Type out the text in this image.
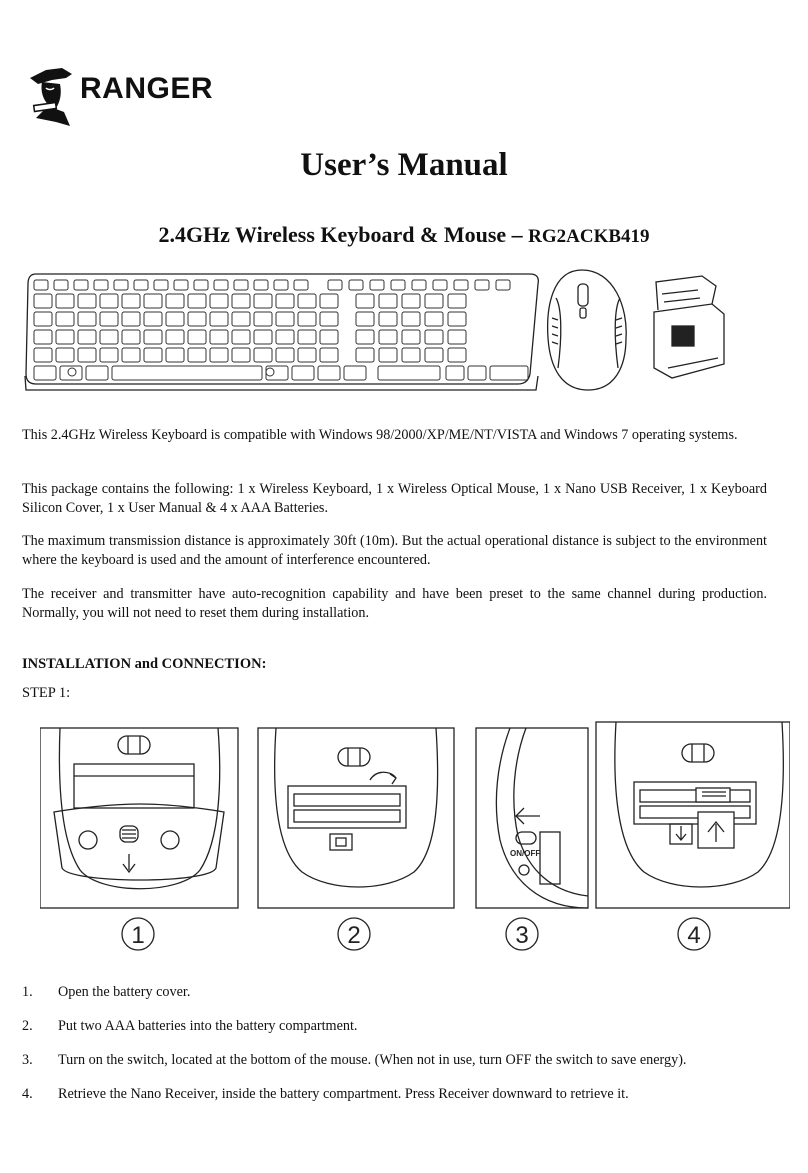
RANGER
User’s Manual
2.4GHz Wireless Keyboard & Mouse – RG2ACKB419

This 2.4GHz Wireless Keyboard is compatible with Windows 98/2000/XP/ME/NT/VISTA and Windows 7 operating systems.

This package contains the following: 1 x Wireless Keyboard, 1 x Wireless Optical Mouse, 1 x Nano USB Receiver, 1 x Keyboard Silicon Cover, 1 x User Manual & 4 x AAA Batteries.

The maximum transmission distance is approximately 30ft (10m). But the actual operational distance is subject to the environment where the keyboard is used and the amount of interference encountered.

The receiver and transmitter have auto-recognition capability and have been preset to the same channel during production. Normally, you will not need to reset them during installation.

INSTALLATION and CONNECTION:

STEP 1:

ON/OFF
1	2	3	4
1. Open the battery cover.
2. Put two AAA batteries into the battery compartment.
3. Turn on the switch, located at the bottom of the mouse. (When not in use, turn OFF the switch to save energy).
4. Retrieve the Nano Receiver, inside the battery compartment. Press Receiver downward to retrieve it.
